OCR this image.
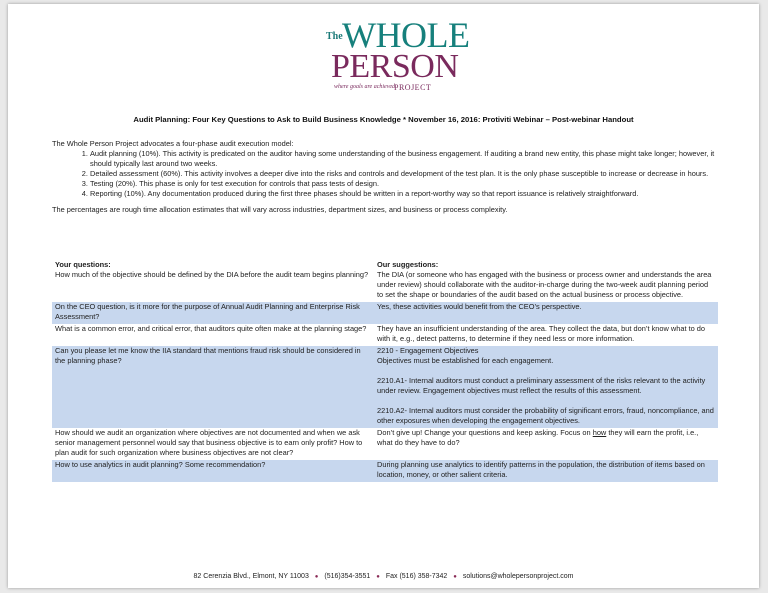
The WHOLE
PERSON
where goals are achieved
PROJECT
Audit Planning: Four Key Questions to Ask to Build Business Knowledge * November 16, 2016: Protiviti Webinar – Post-webinar Handout
The Whole Person Project advocates a four-phase audit execution model:
1. Audit planning (10%). This activity is predicated on the auditor having some understanding of the business engagement. If auditing a brand new entity, this phase might take longer; however, it should typically last around two weeks.
2. Detailed assessment (60%). This activity involves a deeper dive into the risks and controls and development of the test plan. It is the only phase susceptible to increase or decrease in hours.
3. Testing (20%). This phase is only for test execution for controls that pass tests of design.
4. Reporting (10%). Any documentation produced during the first three phases should be written in a report-worthy way so that report issuance is relatively straightforward.
The percentages are rough time allocation estimates that will vary across industries, department sizes, and business or process complexity.
Your questions:	Our suggestions:
How much of the objective should be defined by the DIA before the audit team begins planning?	The DIA (or someone who has engaged with the business or process owner and understands the area under review) should collaborate with the auditor-in-charge during the two-week audit planning period to set the shape or boundaries of the audit based on the actual business or process objective.

On the CEO question, is it more for the purpose of Annual Audit Planning and Enterprise Risk Assessment?	Yes, these activities would benefit from the CEO’s perspective.

What is a common error, and critical error, that auditors quite often make at the planning stage?	They have an insufficient understanding of the area. They collect the data, but don’t know what to do with it, e.g., detect patterns, to determine if they need less or more information.

Can you please let me know the IIA standard that mentions fraud risk should be considered in the planning phase?	2210 - Engagement Objectives
Objectives must be established for each engagement.

2210.A1- Internal auditors must conduct a preliminary assessment of the risks relevant to the activity under review. Engagement objectives must reflect the results of this assessment.

2210.A2- Internal auditors must consider the probability of significant errors, fraud, noncompliance, and other exposures when developing the engagement objectives.

How should we audit an organization where objectives are not documented and when we ask senior management personnel would say that business objective is to earn only profit? How to plan audit for such organization where business objectives are not clear?	Don’t give up! Change your questions and keep asking. Focus on how they will earn the profit, i.e., what do they have to do?
How to use analytics in audit planning? Some recommendation?	During planning use analytics to identify patterns in the population, the distribution of items based on location, money, or other salient criteria.

82 Cerenzia Blvd., Elmont, NY 11003 ● (516)354-3551 ● Fax (516) 358-7342 ● solutions@wholepersonproject.com
